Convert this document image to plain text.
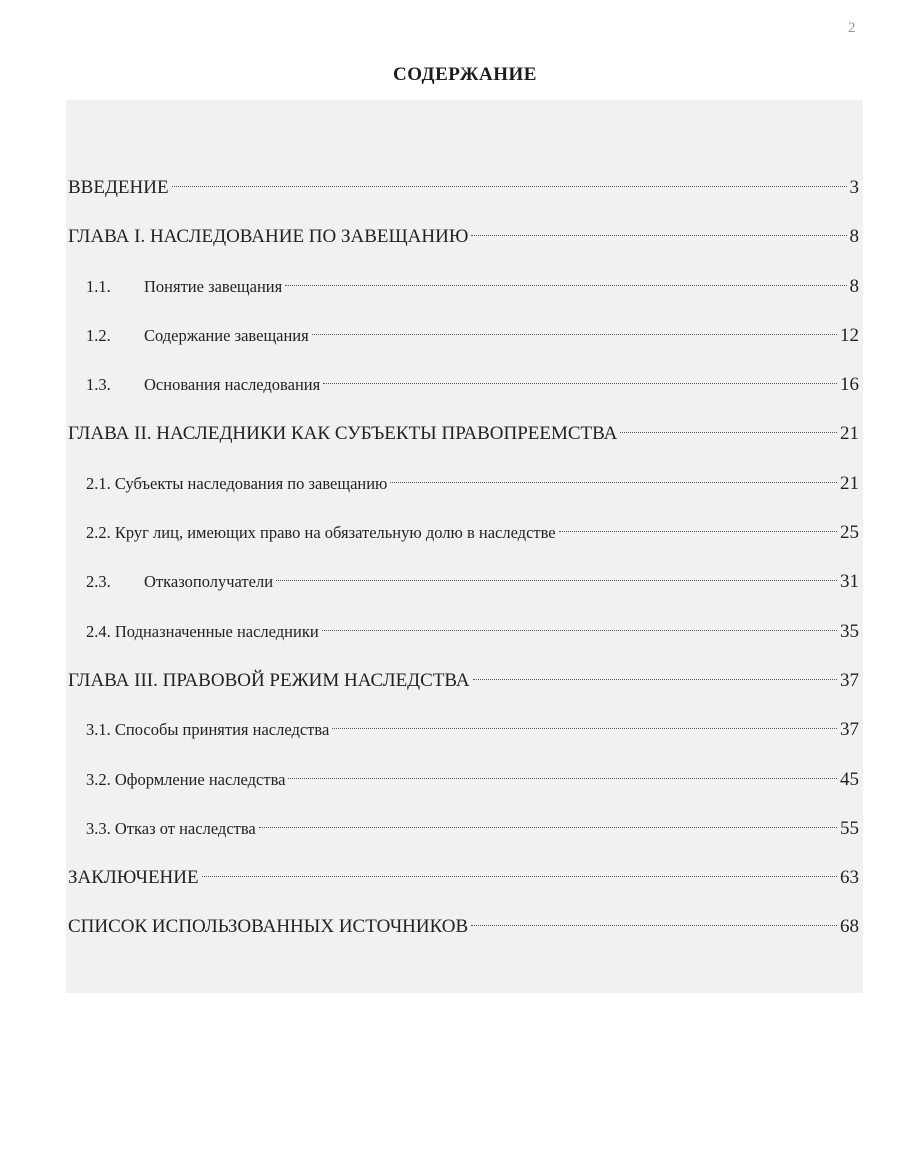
2
СОДЕРЖАНИЕ
ВВЕДЕНИЕ	3
ГЛАВА I. НАСЛЕДОВАНИЕ ПО ЗАВЕЩАНИЮ	8
1.1. Понятие завещания	8
1.2. Содержание завещания	12
1.3. Основания наследования	16
ГЛАВА II. НАСЛЕДНИКИ КАК СУБЪЕКТЫ ПРАВОПРЕЕМСТВА	21
2.1. Субъекты наследования по завещанию	21
2.2. Круг лиц, имеющих право на обязательную долю в наследстве	25
2.3. Отказополучатели	31
2.4. Подназначенные наследники	35
ГЛАВА III. ПРАВОВОЙ РЕЖИМ НАСЛЕДСТВА	37
3.1. Способы принятия наследства	37
3.2. Оформление наследства	45
3.3. Отказ от наследства	55
ЗАКЛЮЧЕНИЕ	63
СПИСОК ИСПОЛЬЗОВАННЫХ ИСТОЧНИКОВ	68
